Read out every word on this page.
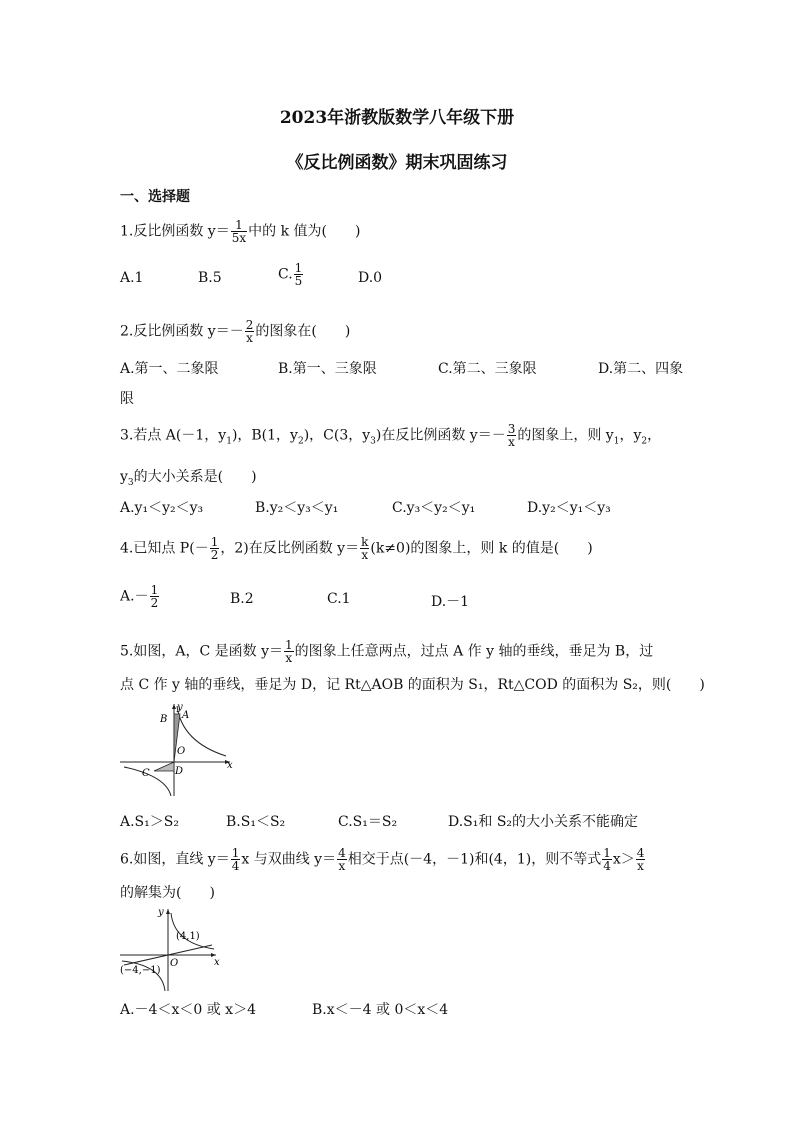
2023年浙教版数学八年级下册
《反比例函数》期末巩固练习
一、选择题
1.反比例函数 $y= \frac{1}{5x}$ 中的 k 值为(　　)
A.1	B.5	C. $\frac{1}{5}$	D.0
2.反比例函数 $y=- \frac{2}{x}$ 的图象在(　　)
A.第一、二象限	B.第一、三象限	C.第二、三象限	D.第二、四象
限
3.若点 A(－1，$y_1$)，B(1，$y_2$)，C(3，$y_3$)在反比例函数 $y=- \frac{3}{x}$ 的图象上，则 $y_1$，$y_2$，
$y_3$的大小关系是(　　)
A.y₁＜y₂＜y₃	B.y₂＜y₃＜y₁	C.y₃＜y₂＜y₁	D.y₂＜y₁＜y₃
4.已知点 $P(- \frac{1}{2}$ ，2)在反比例函数 $y= \frac{k}{x} (k\ne 0)$的图象上，则 k 的值是(　　)
$A.- \frac{1}{2}$	B.2	C.1	D.－1
5.如图，A，C 是函数 $y= \frac{1}{x}$ 的图象上任意两点，过点 A 作 y 轴的垂线，垂足为 B，过
点 C 作 y 轴的垂线，垂足为 D，记 Rt△AOB 的面积为 S₁，Rt△COD 的面积为 S₂，则(　　)
B A
O
C	D
x
y
A.S₁＞S₂	B.S₁＜S₂	C.S₁＝S₂	D.S₁和 S₂的大小关系不能确定
6.如图，直线 $y= \frac{1}{4}$ x 与双曲线 $y= \frac{4}{x}$ 相交于点(－4，－1)和(4，1)，则不等式 $\frac{1}{4} x> \frac{4}{x}$
的解集为(　　)
(4,1)
(−4,−1)
O	x
y
A.－4＜x＜0 或 x＞4	B.x＜－4 或 0＜x＜4
